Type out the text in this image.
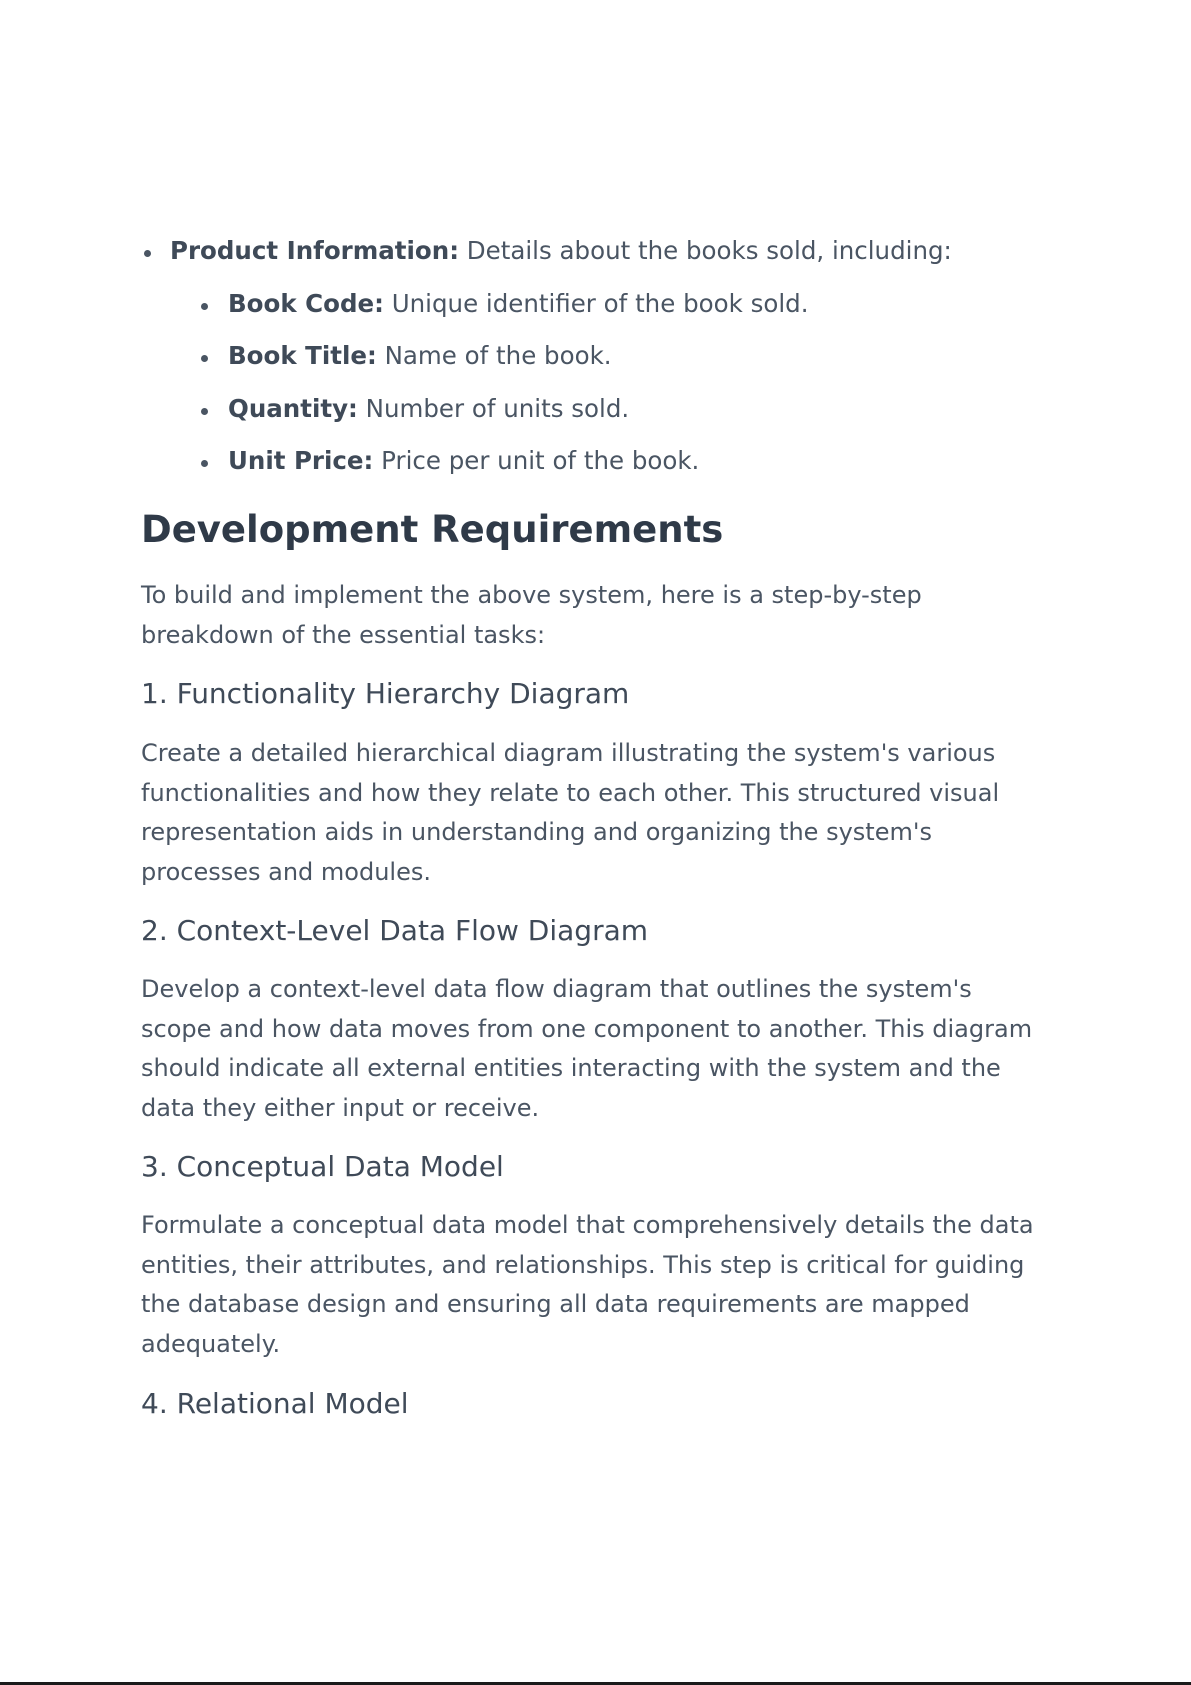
Product Information: Details about the books sold, including:
Book Code: Unique identifier of the book sold.
Book Title: Name of the book.
Quantity: Number of units sold.
Unit Price: Price per unit of the book.
Development Requirements

To build and implement the above system, here is a step-by-step
breakdown of the essential tasks:

1. Functionality Hierarchy Diagram

Create a detailed hierarchical diagram illustrating the system's various
functionalities and how they relate to each other. This structured visual
representation aids in understanding and organizing the system's
processes and modules.

2. Context-Level Data Flow Diagram

Develop a context-level data flow diagram that outlines the system's
scope and how data moves from one component to another. This diagram
should indicate all external entities interacting with the system and the
data they either input or receive.

3. Conceptual Data Model

Formulate a conceptual data model that comprehensively details the data
entities, their attributes, and relationships. This step is critical for guiding
the database design and ensuring all data requirements are mapped
adequately.

4. Relational Model
